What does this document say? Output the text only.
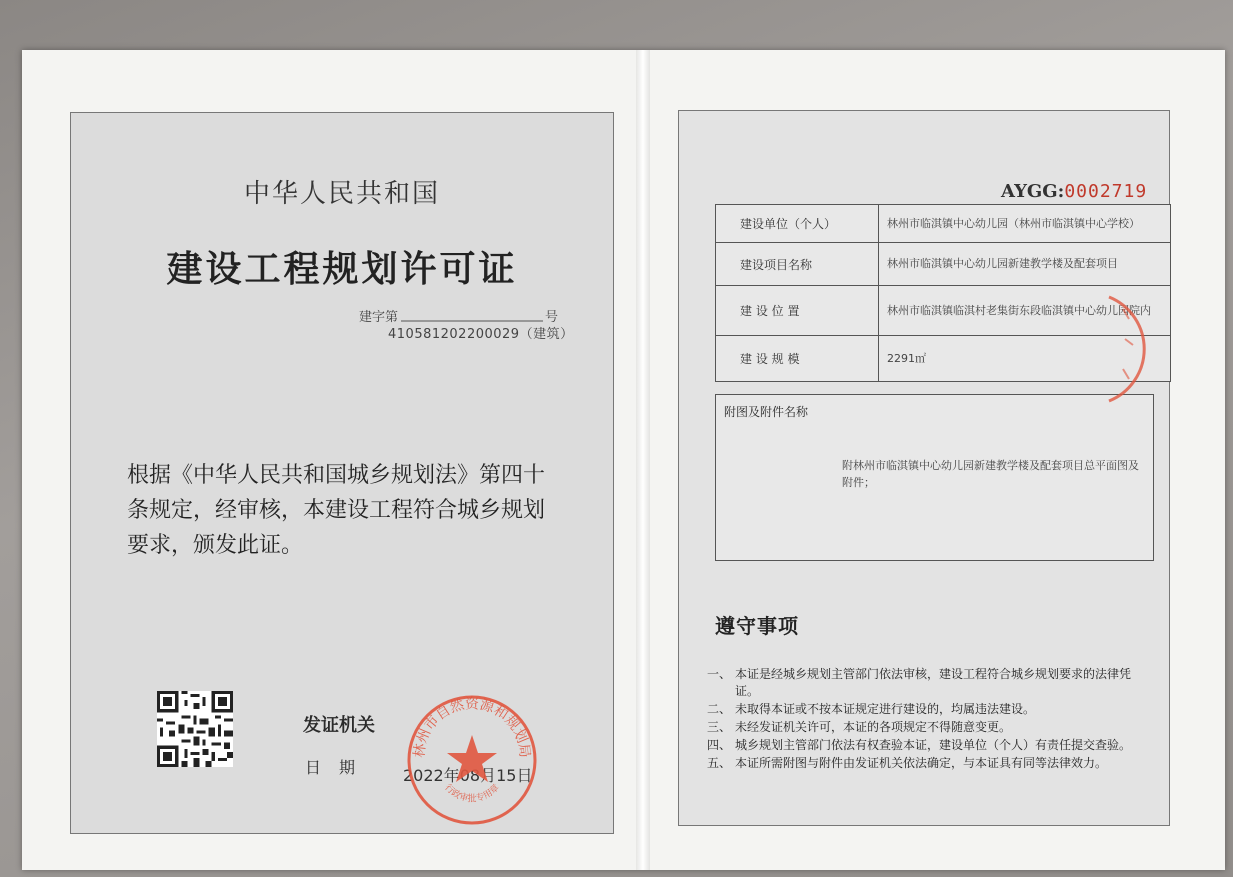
中华人民共和国
建设工程规划许可证
建字第	号
410581202200029（建筑）
根据《中华人民共和国城乡规划法》第四十条规定，经审核，本建设工程符合城乡规划要求，颁发此证。
发证机关
日期 2022年08月15日
林州市自然资源和规划局
行政审批专用章
AYGG:0002719
建设单位（个人）	林州市临淇镇中心幼儿园（林州市临淇镇中心学校）
建设项目名称	林州市临淇镇中心幼儿园新建教学楼及配套项目
建 设 位 置	林州市临淇镇临淇村老集街东段临淇镇中心幼儿园院内
建 设 规 模	2291㎡
附图及附件名称
附林州市临淇镇中心幼儿园新建教学楼及配套项目总平面图及附件；
遵守事项
一、 本证是经城乡规划主管部门依法审核，建设工程符合城乡规划要求的法律凭证。
二、 未取得本证或不按本证规定进行建设的，均属违法建设。
三、 未经发证机关许可，本证的各项规定不得随意变更。
四、 城乡规划主管部门依法有权查验本证，建设单位（个人）有责任提交查验。
五、 本证所需附图与附件由发证机关依法确定，与本证具有同等法律效力。
